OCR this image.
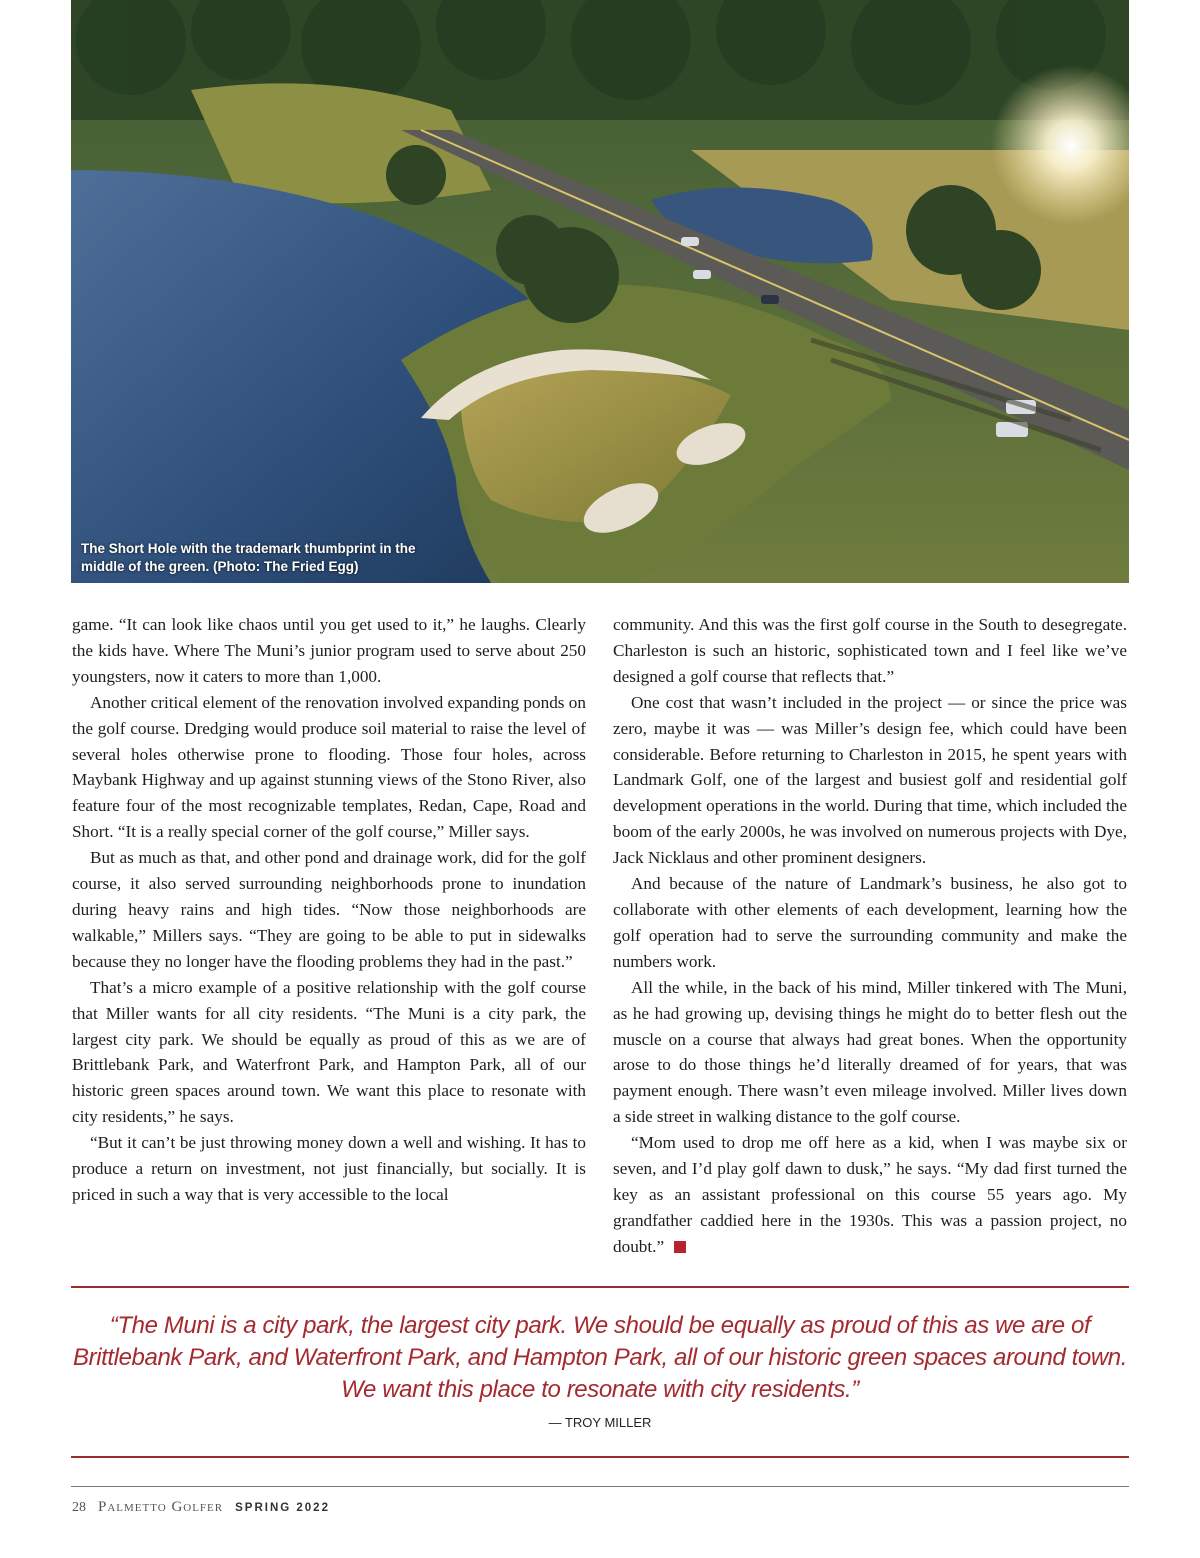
The Short Hole with the trademark thumbprint in the middle of the green. (Photo: The Fried Egg)

game. “It can look like chaos until you get used to it,” he laughs. Clearly the kids have. Where The Muni’s junior program used to serve about 250 youngsters, now it caters to more than 1,000.

Another critical element of the renovation involved expanding ponds on the golf course. Dredging would produce soil material to raise the level of several holes otherwise prone to flooding. Those four holes, across Maybank Highway and up against stunning views of the Stono River, also feature four of the most recognizable templates, Redan, Cape, Road and Short. “It is a really special corner of the golf course,” Miller says.

But as much as that, and other pond and drainage work, did for the golf course, it also served surrounding neighborhoods prone to inundation during heavy rains and high tides. “Now those neighborhoods are walkable,” Millers says. “They are going to be able to put in sidewalks because they no longer have the flooding problems they had in the past.”

That’s a micro example of a positive relationship with the golf course that Miller wants for all city residents. “The Muni is a city park, the largest city park. We should be equally as proud of this as we are of Brittlebank Park, and Waterfront Park, and Hampton Park, all of our historic green spaces around town. We want this place to resonate with city residents,” he says.

“But it can’t be just throwing money down a well and wishing. It has to produce a return on investment, not just financially, but socially. It is priced in such a way that is very accessible to the local

community. And this was the first golf course in the South to desegregate. Charleston is such an historic, sophisticated town and I feel like we’ve designed a golf course that reflects that.”

One cost that wasn’t included in the project — or since the price was zero, maybe it was — was Miller’s design fee, which could have been considerable. Before returning to Charleston in 2015, he spent years with Landmark Golf, one of the largest and busiest golf and residential golf development operations in the world. During that time, which included the boom of the early 2000s, he was involved on numerous projects with Dye, Jack Nicklaus and other prominent designers.

And because of the nature of Landmark’s business, he also got to collaborate with other elements of each development, learning how the golf operation had to serve the surrounding community and make the numbers work.

All the while, in the back of his mind, Miller tinkered with The Muni, as he had growing up, devising things he might do to better flesh out the muscle on a course that always had great bones. When the opportunity arose to do those things he’d literally dreamed of for years, that was payment enough. There wasn’t even mileage involved. Miller lives down a side street in walking distance to the golf course.

“Mom used to drop me off here as a kid, when I was maybe six or seven, and I’d play golf dawn to dusk,” he says. “My dad first turned the key as an assistant professional on this course 55 years ago. My grandfather caddied here in the 1930s. This was a passion project, no doubt.”

“The Muni is a city park, the largest city park. We should be equally as proud of this as we are of Brittlebank Park, and Waterfront Park, and Hampton Park, all of our historic green spaces around town. We want this place to resonate with city residents.”
— TROY MILLER
28 Palmetto Golfer SPRING 2022
